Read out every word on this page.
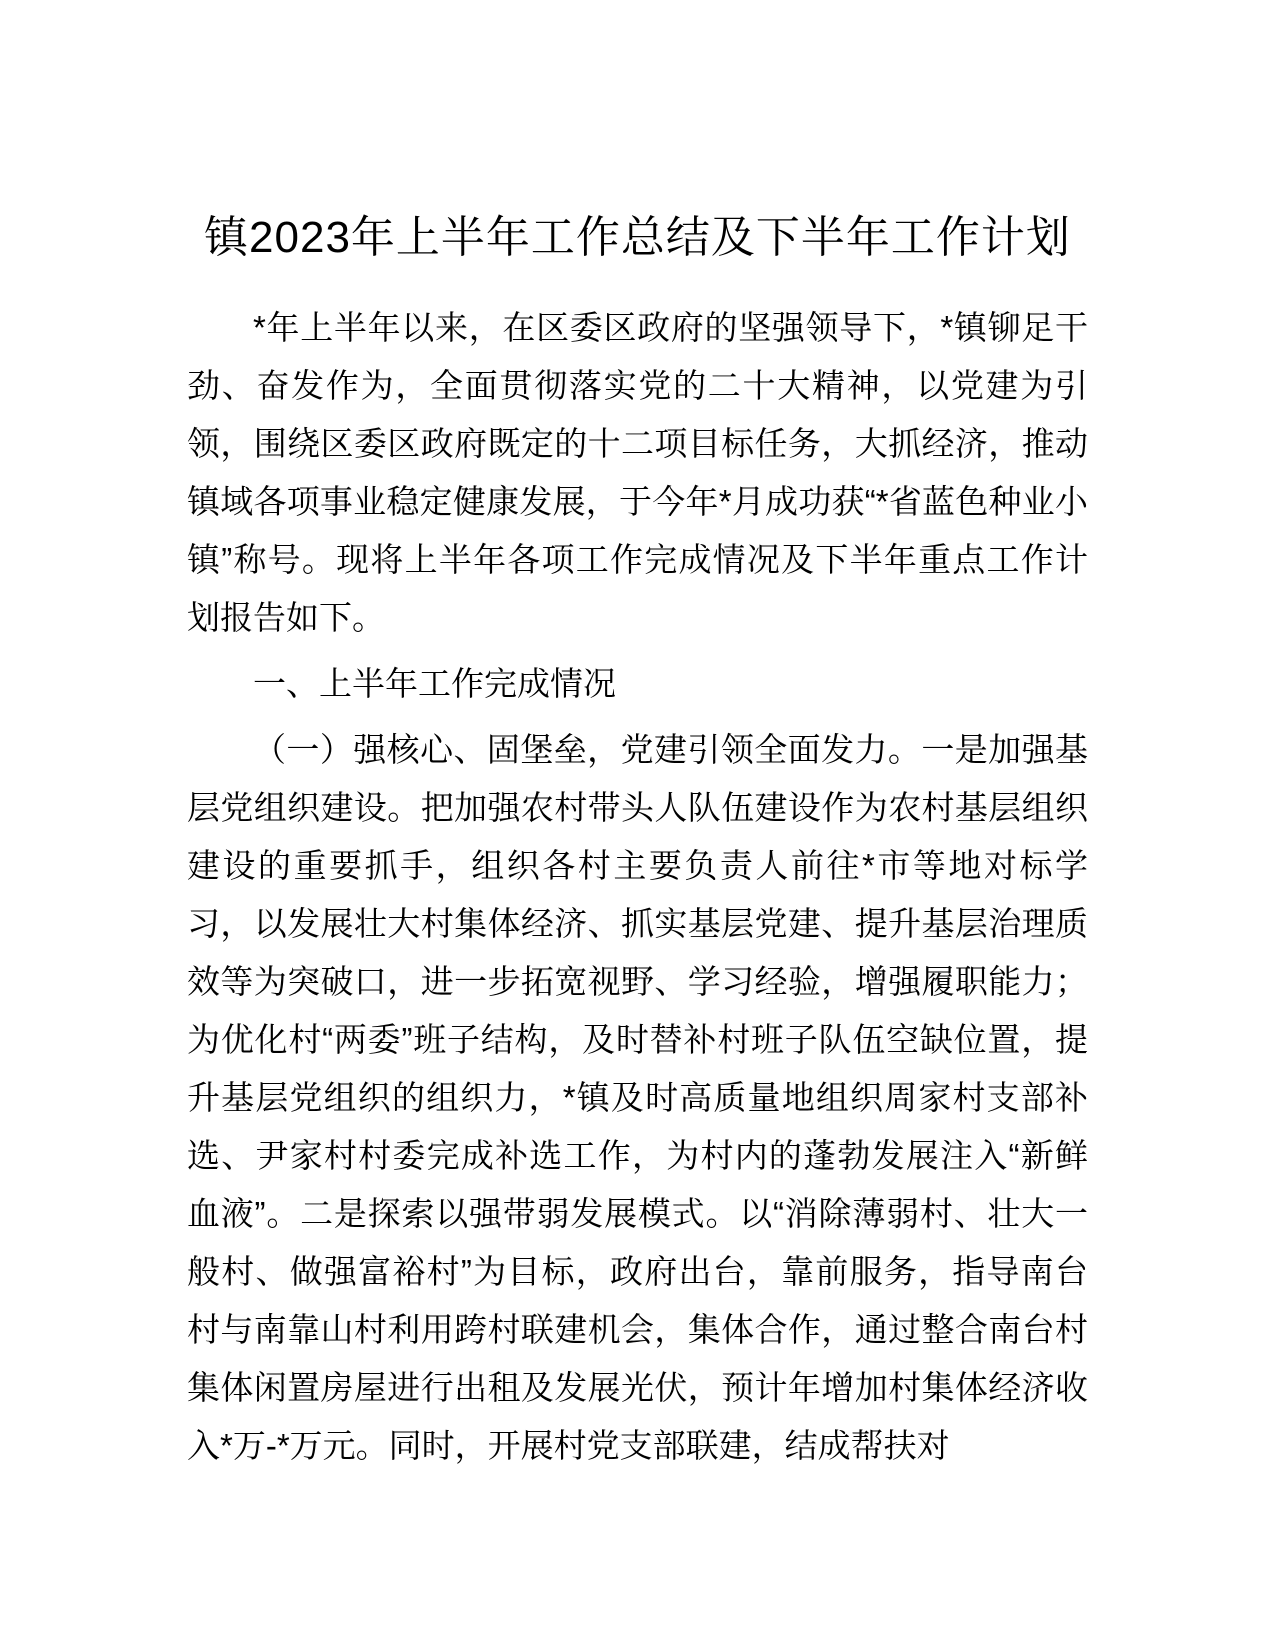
镇2023年上半年工作总结及下半年工作计划

*年上半年以来，在区委区政府的坚强领导下，*镇铆足干劲、奋发作为，全面贯彻落实党的二十大精神，以党建为引领，围绕区委区政府既定的十二项目标任务，大抓经济，推动镇域各项事业稳定健康发展，于今年*月成功获“*省蓝色种业小镇”称号。现将上半年各项工作完成情况及下半年重点工作计划报告如下。

一、上半年工作完成情况

（一）强核心、固堡垒，党建引领全面发力。一是加强基层党组织建设。把加强农村带头人队伍建设作为农村基层组织建设的重要抓手，组织各村主要负责人前往*市等地对标学习，以发展壮大村集体经济、抓实基层党建、提升基层治理质效等为突破口，进一步拓宽视野、学习经验，增强履职能力；为优化村“两委”班子结构，及时替补村班子队伍空缺位置，提升基层党组织的组织力，*镇及时高质量地组织周家村支部补选、尹家村村委完成补选工作，为村内的蓬勃发展注入“新鲜血液”。二是探索以强带弱发展模式。以“消除薄弱村、壮大一般村、做强富裕村”为目标，政府出台，靠前服务，指导南台村与南靠山村利用跨村联建机会，集体合作，通过整合南台村集体闲置房屋进行出租及发展光伏，预计年增加村集体经济收入*万-*万元。同时，开展村党支部联建，结成帮扶对
